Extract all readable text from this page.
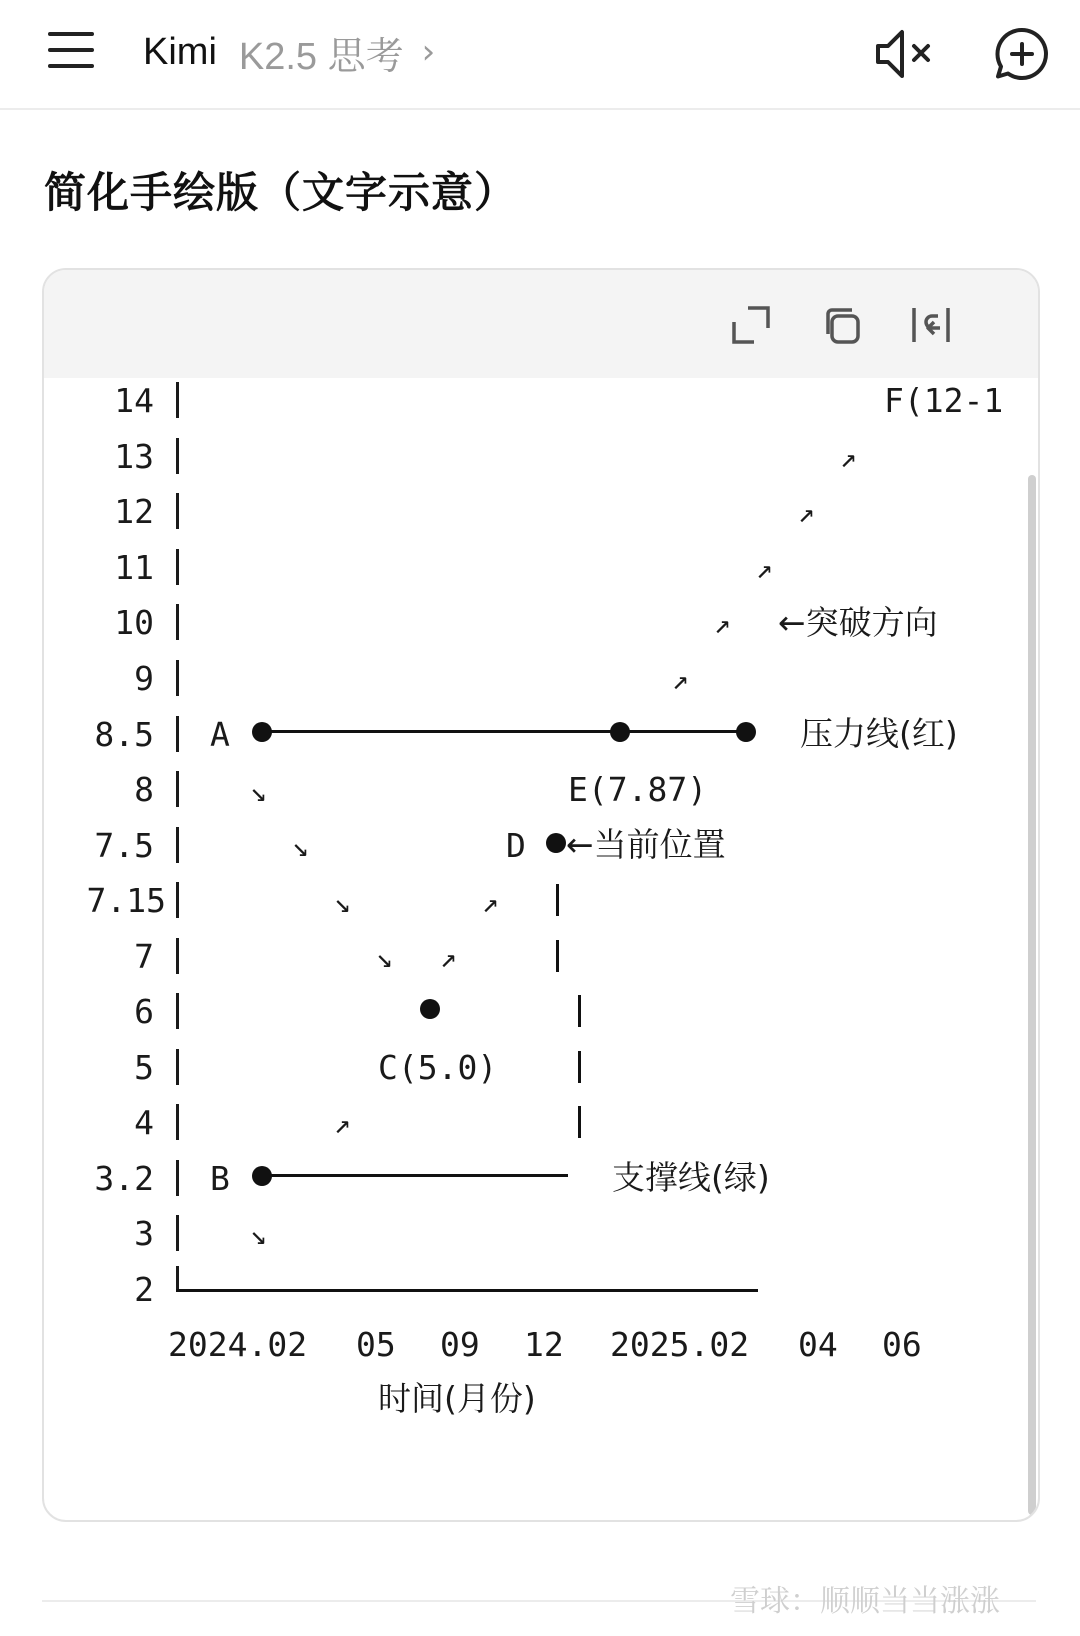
Kimi K2.5 思考 ›
简化手绘版（文字示意）
14
13
12
11
10
9
8.5
8
7.5
7.15
7
6
5
4
3.2
3
2
F(12-1
↗
↗
↗
↗ ←突破方向
↗
A	压力线(红)
↘	E(7.87)
↘	D ←当前位置
↘	↗
↘ ↗
C(5.0)
↗
B	支撑线(绿)
↘
2024.02 05 09 12 2025.02 04 06
时间(月份)
雪球：顺顺当当涨涨
